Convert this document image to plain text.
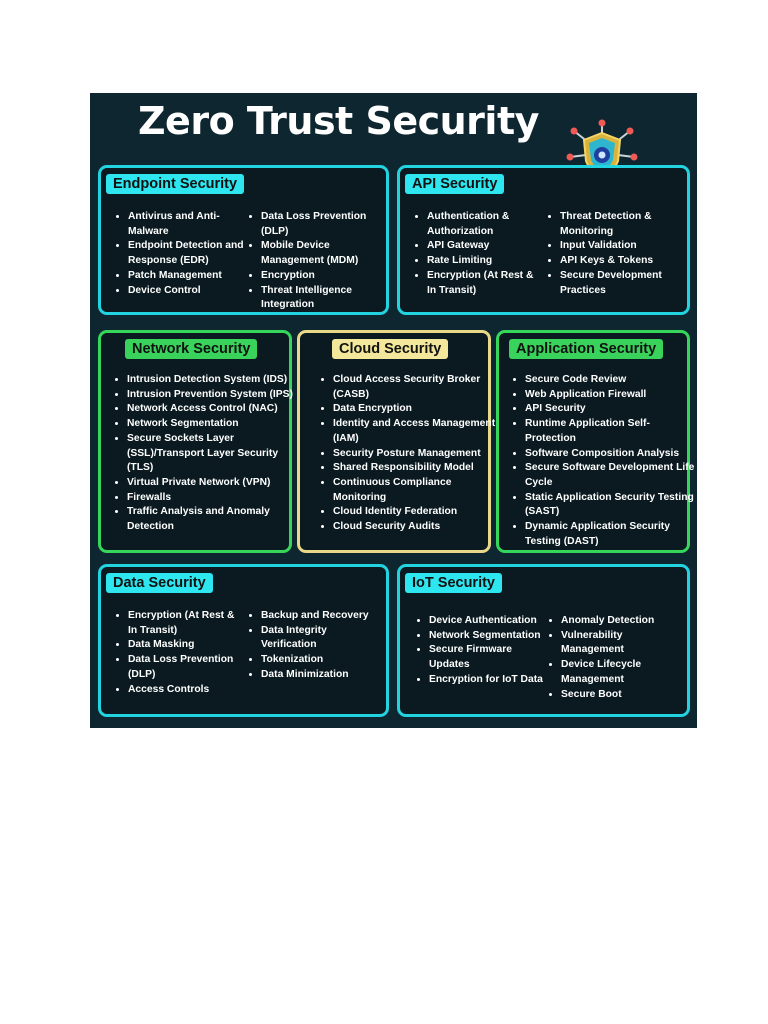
Zero Trust Security
Endpoint Security
• Antivirus and Anti-Malware
• Endpoint Detection and Response (EDR)
• Patch Management
• Device Control
• Data Loss Prevention (DLP)
• Mobile Device Management (MDM)
• Encryption
• Threat Intelligence Integration
API Security
• Authentication & Authorization
• API Gateway
• Rate Limiting
• Encryption (At Rest & In Transit)
• Threat Detection & Monitoring
• Input Validation
• API Keys & Tokens
• Secure Development Practices
Network Security
• Intrusion Detection System (IDS)
• Intrusion Prevention System (IPS)
• Network Access Control (NAC)
• Network Segmentation
• Secure Sockets Layer (SSL)/Transport Layer Security (TLS)
• Virtual Private Network (VPN)
• Firewalls
• Traffic Analysis and Anomaly Detection
Cloud Security
• Cloud Access Security Broker (CASB)
• Data Encryption
• Identity and Access Management (IAM)
• Security Posture Management
• Shared Responsibility Model
• Continuous Compliance Monitoring
• Cloud Identity Federation
• Cloud Security Audits
Application Security
• Secure Code Review
• Web Application Firewall
• API Security
• Runtime Application Self-Protection
• Software Composition Analysis
• Secure Software Development Life Cycle
• Static Application Security Testing (SAST)
• Dynamic Application Security Testing (DAST)
Data Security
• Encryption (At Rest & In Transit)
• Data Masking
• Data Loss Prevention (DLP)
• Access Controls
• Backup and Recovery
• Data Integrity Verification
• Tokenization
• Data Minimization
IoT Security
• Device Authentication
• Network Segmentation
• Secure Firmware Updates
• Encryption for IoT Data
• Anomaly Detection
• Vulnerability Management
• Device Lifecycle Management
• Secure Boot
